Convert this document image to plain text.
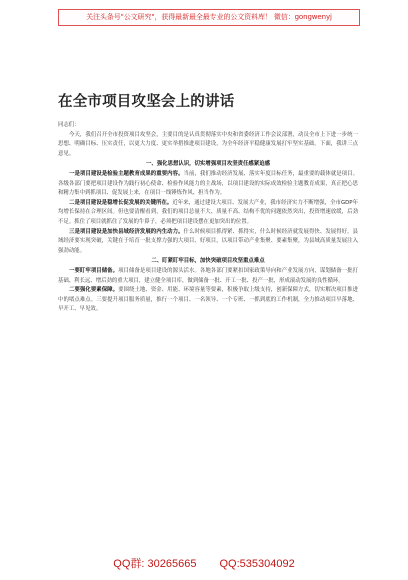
关注头条号"公文研究"，获得最新最全最专业的公文资料库！ 微信：gongwenyj
在全市项目攻坚会上的讲话

同志们：

今天，我们召开全市投资项目攻坚会，主要目的是认真贯彻落实中央和省委经济工作会议部署，动员全市上下进一步统一思想、明确目标、压实责任，以更大力度、更实举措推进项目建设，为全年经济平稳健康发展打牢坚实基础。下面，我讲三点意见。

一、强化思想认识，切实增强项目攻坚责任感紧迫感

一是项目建设是检验主题教育成果的重要内容。当前，我们推动经济发展、落实年度目标任务，最重要的载体就是项目。各级各部门要把项目建设作为践行初心使命、检验作风能力的主战场，以项目建设的实际成效检验主题教育成果，真正把心思和精力集中到抓项目、促发展上来，在项目一线锤炼作风、担当作为。

二是项目建设是稳增长促发展的关键所在。近年来，通过建设大项目、发展大产业，我市经济实力不断增强，全市GDP年均增长保持在合理区间。但也要清醒看到，我们的项目总量不大、质量不高、结构不优的问题依然突出，投资增速放缓，后劲不足。抓住了项目就抓住了发展的牛鼻子，必须把项目建设摆在更加突出的位置。

三是项目建设是加快县域经济发展的内生动力。什么时候项目抓得紧、抓得实，什么时候经济就发展得快、发展得好。县域经济要实现突破，关键在于培育一批支撑力强的大项目、好项目，以项目带动产业集聚、要素集聚，为县域高质量发展注入强劲动能。

二、盯紧盯牢目标，加快突破项目攻坚重点难点

一要盯牢项目储备。项目储备是项目建设的源头活水。各地各部门要紧扣国家政策导向和产业发展方向，谋划储备一批打基础、利长远、增后劲的重大项目，建立健全项目库，做到储备一批、开工一批、投产一批，形成滚动发展的良性循环。

二要强化要素保障。要围绕土地、资金、用能、环境容量等要素，积极争取上级支持，创新保障方式，切实解决项目推进中的堵点难点。三要提升项目服务质量，推行一个项目、一名领导、一个专班、一抓到底的工作机制，全力推动项目早落地、早开工、早见效。

QQ群: 30265665 QQ:535304092
